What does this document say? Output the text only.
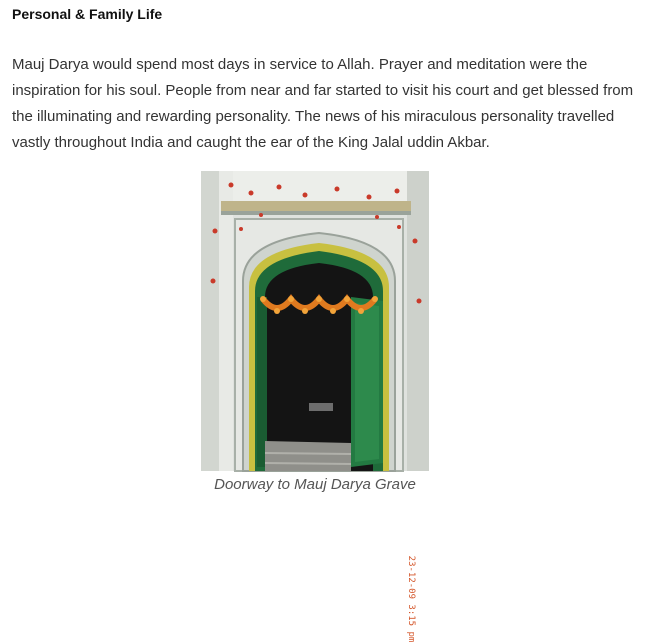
Personal & Family Life

Mauj Darya would spend most days in service to Allah. Prayer and meditation were the inspiration for his soul. People from near and far started to visit his court and get blessed from the illuminating and rewarding personality. The news of his miraculous personality travelled vastly throughout India and caught the ear of the King Jalal uddin Akbar.

23-12-09 3:15 pm
Doorway to Mauj Darya Grave
